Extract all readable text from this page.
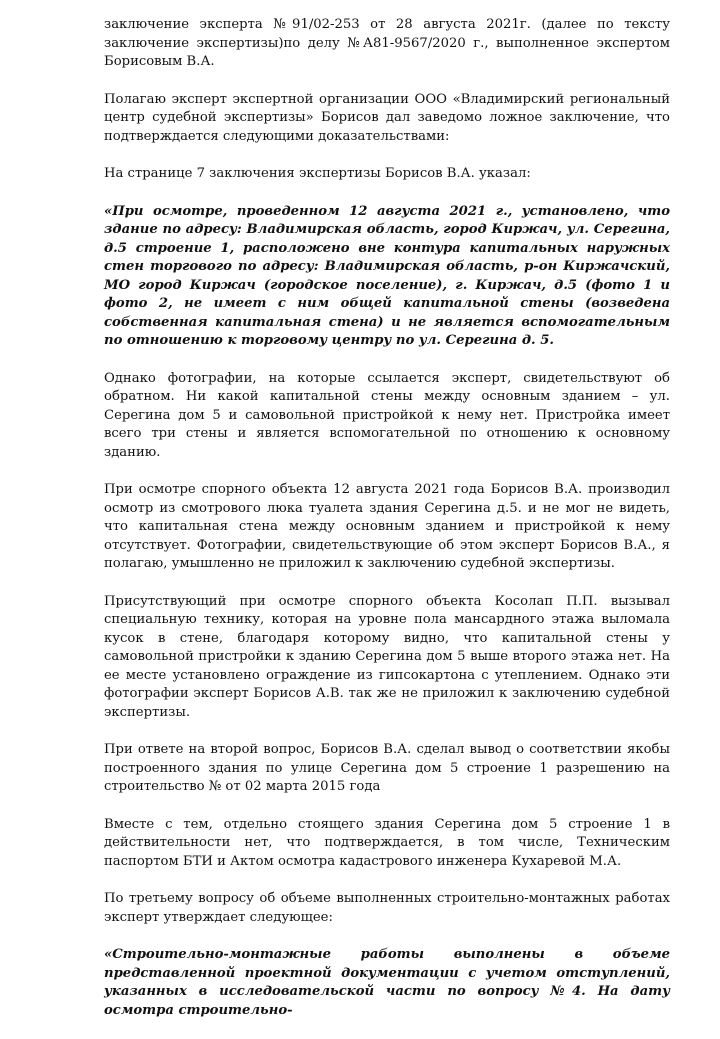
заключение эксперта №91/02-253 от 28 августа 2021г. (далее по тексту заключение экспертизы)по делу №А81-9567/2020 г., выполненное экспертом Борисовым В.А.

Полагаю эксперт экспертной организации ООО «Владимирский региональный центр судебной экспертизы» Борисов дал заведомо ложное заключение, что подтверждается следующими доказательствами:

На странице 7 заключения экспертизы Борисов В.А. указал:

«При осмотре, проведенном 12 августа 2021 г., установлено, что здание по адресу: Владимирская область, город Киржач, ул. Серегина, д.5 строение 1, расположено вне контура капитальных наружных стен торгового по адресу: Владимирская область, р-он Киржачский, МО город Киржач (городское поселение), г. Киржач, д.5 (фото 1 и фото 2, не имеет с ним общей капитальной стены (возведена собственная капитальная стена) и не является вспомогательным по отношению к торговому центру по ул. Серегина д. 5.

Однако фотографии, на которые ссылается эксперт, свидетельствуют об обратном. Ни какой капитальной стены между основным зданием – ул. Серегина дом 5 и самовольной пристройкой к нему нет. Пристройка имеет всего три стены и является вспомогательной по отношению к основному зданию.

При осмотре спорного объекта 12 августа 2021 года Борисов В.А. производил осмотр из смотрового люка туалета здания Серегина д.5. и не мог не видеть, что капитальная стена между основным зданием и пристройкой к нему отсутствует. Фотографии, свидетельствующие об этом эксперт Борисов В.А., я полагаю, умышленно не приложил к заключению судебной экспертизы.

Присутствующий при осмотре спорного объекта Косолап П.П. вызывал специальную технику, которая на уровне пола мансардного этажа выломала кусок в стене, благодаря которому видно, что капитальной стены у самовольной пристройки к зданию Серегина дом 5 выше второго этажа нет. На ее месте установлено ограждение из гипсокартона с утеплением. Однако эти фотографии эксперт Борисов А.В. так же не приложил к заключению судебной экспертизы.

При ответе на второй вопрос, Борисов В.А. сделал вывод о соответствии якобы построенного здания по улице Серегина дом 5 строение 1 разрешению на строительство № от 02 марта 2015 года

Вместе с тем, отдельно стоящего здания Серегина дом 5 строение 1 в действительности нет, что подтверждается, в том числе, Техническим паспортом БТИ и Актом осмотра кадастрового инженера Кухаревой М.А.

По третьему вопросу об объеме выполненных строительно-монтажных работах эксперт утверждает следующее:

«Строительно-монтажные работы выполнены в объеме представленной проектной документации с учетом отступлений, указанных в исследовательской части по вопросу №4. На дату осмотра строительно-
